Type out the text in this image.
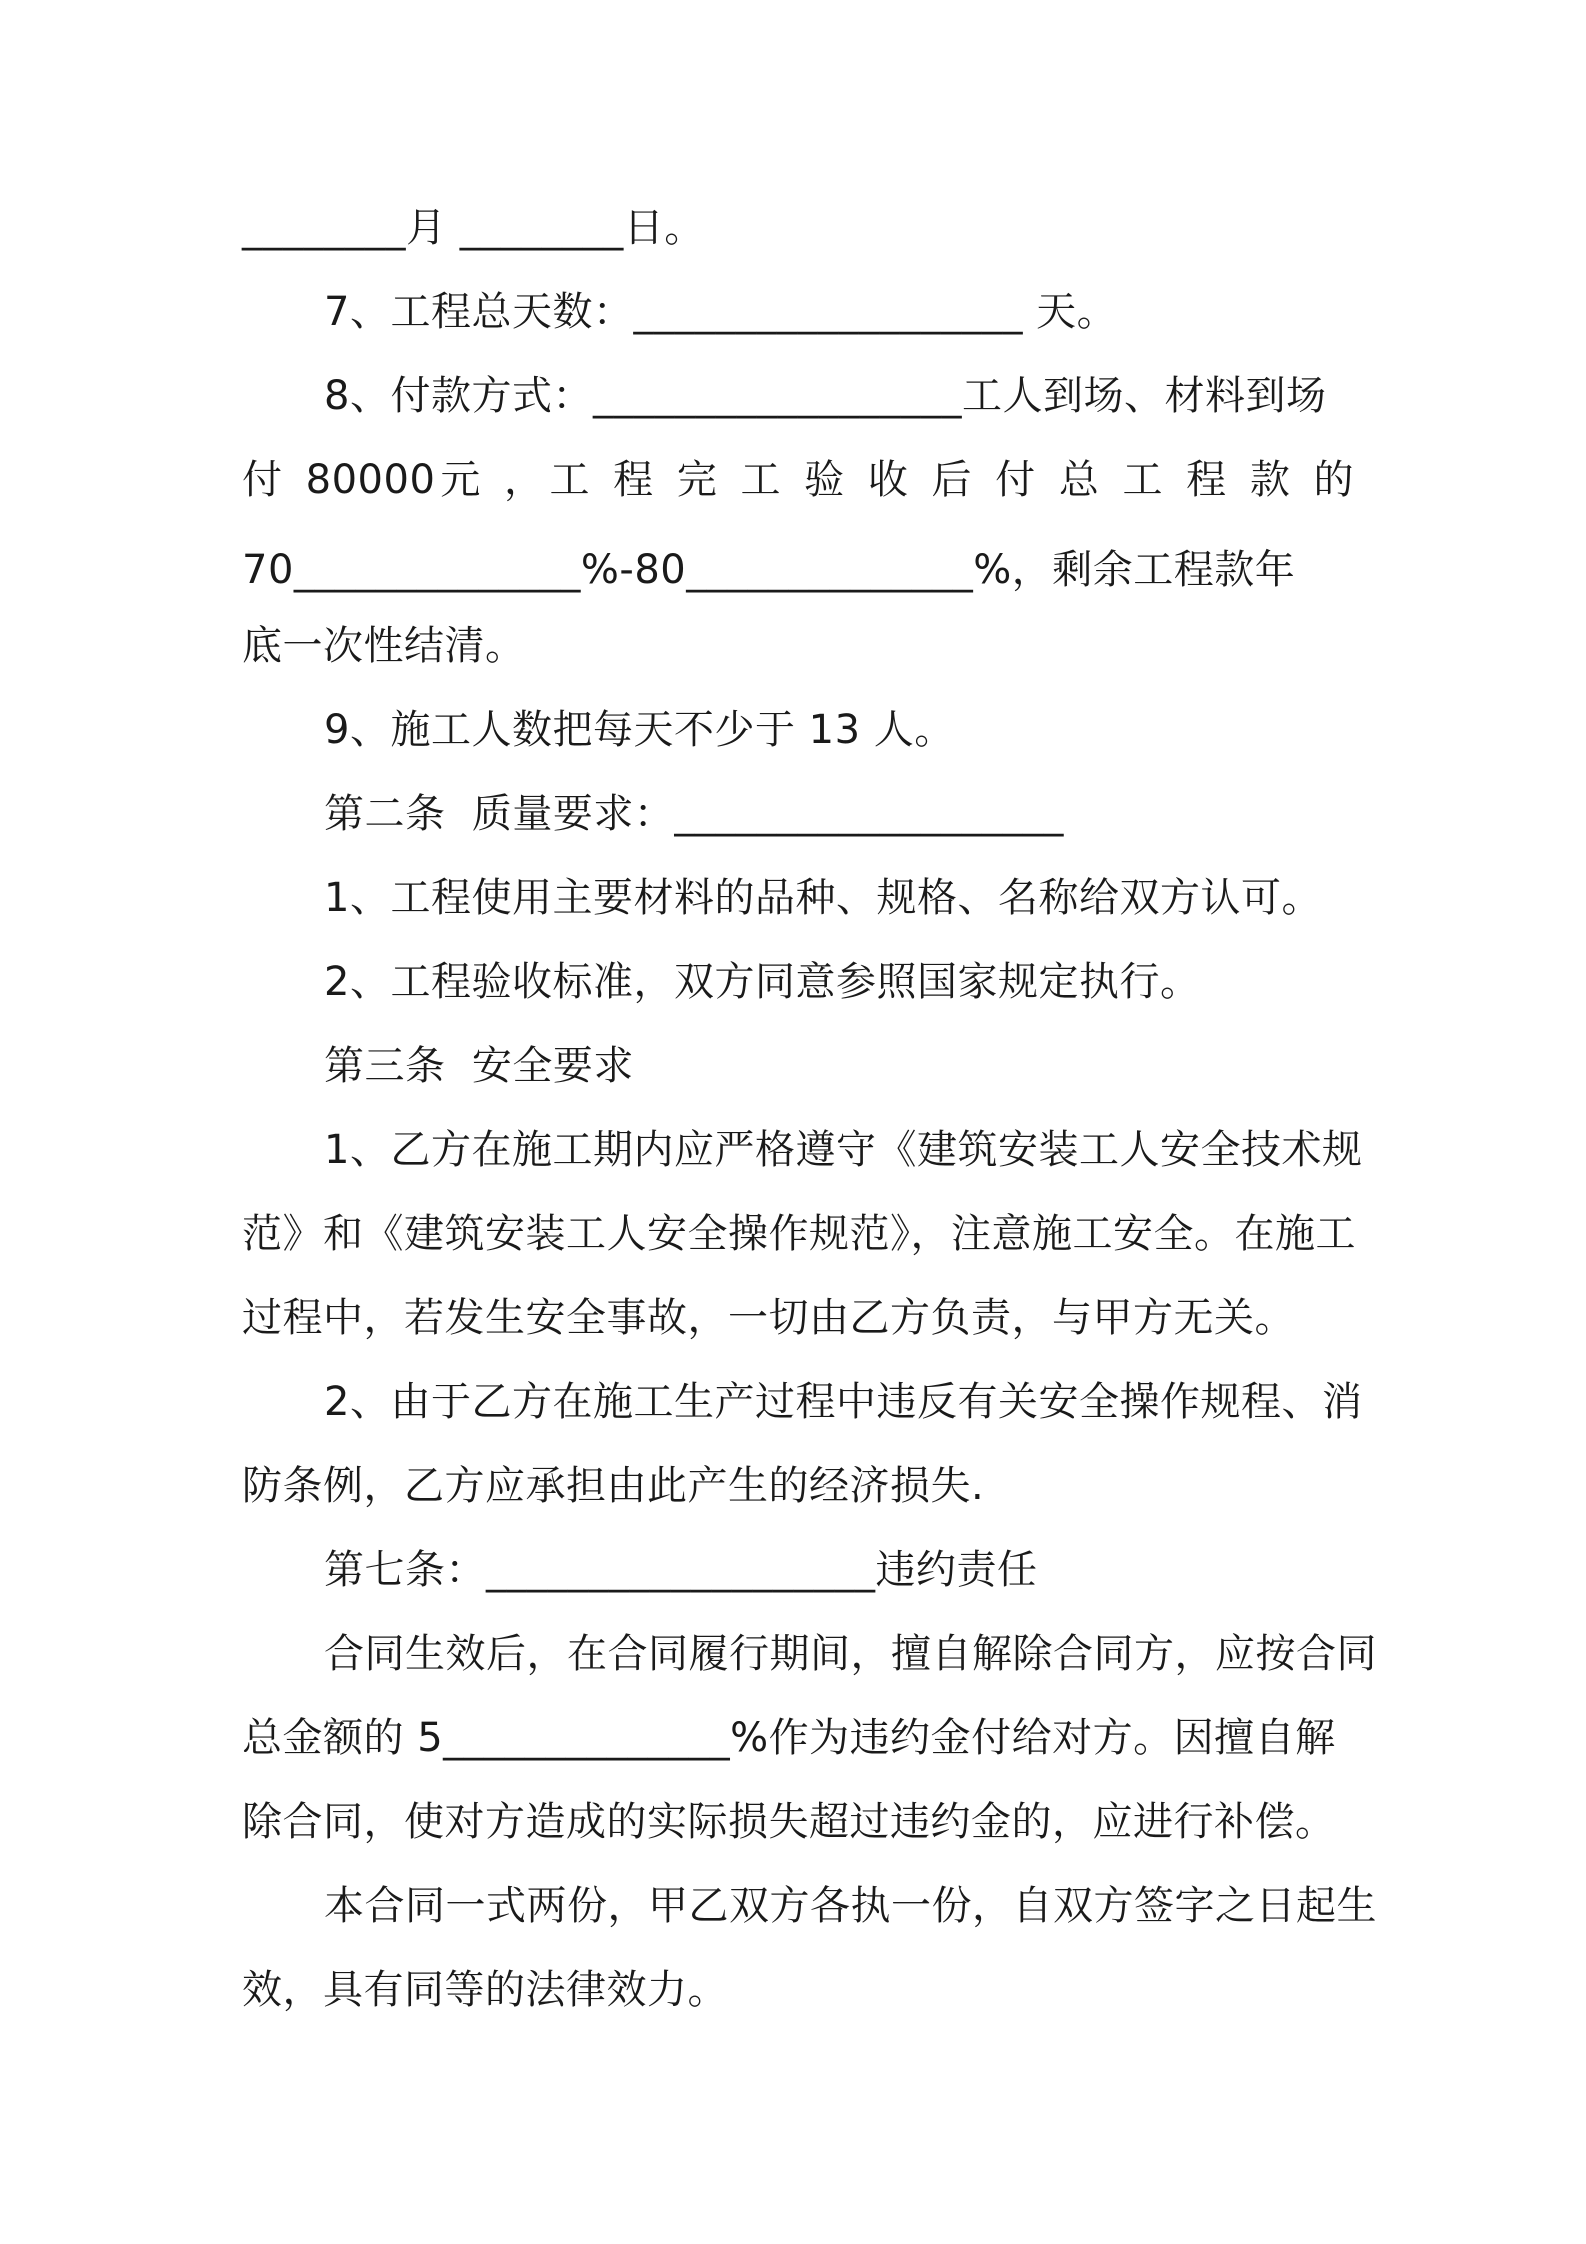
________月 ________日。

7、工程总天数：___________________ 天。

8、付款方式：__________________工人到场、材料到场

付 80000元 ，工 程 完 工 验 收 后 付 总 工 程 款 的

70______________%-80______________%，剩余工程款年

底一次性结清。

9、施工人数把每天不少于 13 人。

第二条  质量要求：___________________

1、工程使用主要材料的品种、规格、名称给双方认可。

2、工程验收标准，双方同意参照国家规定执行。

第三条  安全要求

1、乙方在施工期内应严格遵守《建筑安装工人安全技术规

范》和《建筑安装工人安全操作规范》，注意施工安全。在施工

过程中，若发生安全事故，一切由乙方负责，与甲方无关。

2、由于乙方在施工生产过程中违反有关安全操作规程、消

防条例，乙方应承担由此产生的经济损失.

第七条：___________________违约责任

合同生效后，在合同履行期间，擅自解除合同方，应按合同

总金额的 5______________%作为违约金付给对方。因擅自解

除合同，使对方造成的实际损失超过违约金的，应进行补偿。

本合同一式两份，甲乙双方各执一份，自双方签字之日起生

效，具有同等的法律效力。
